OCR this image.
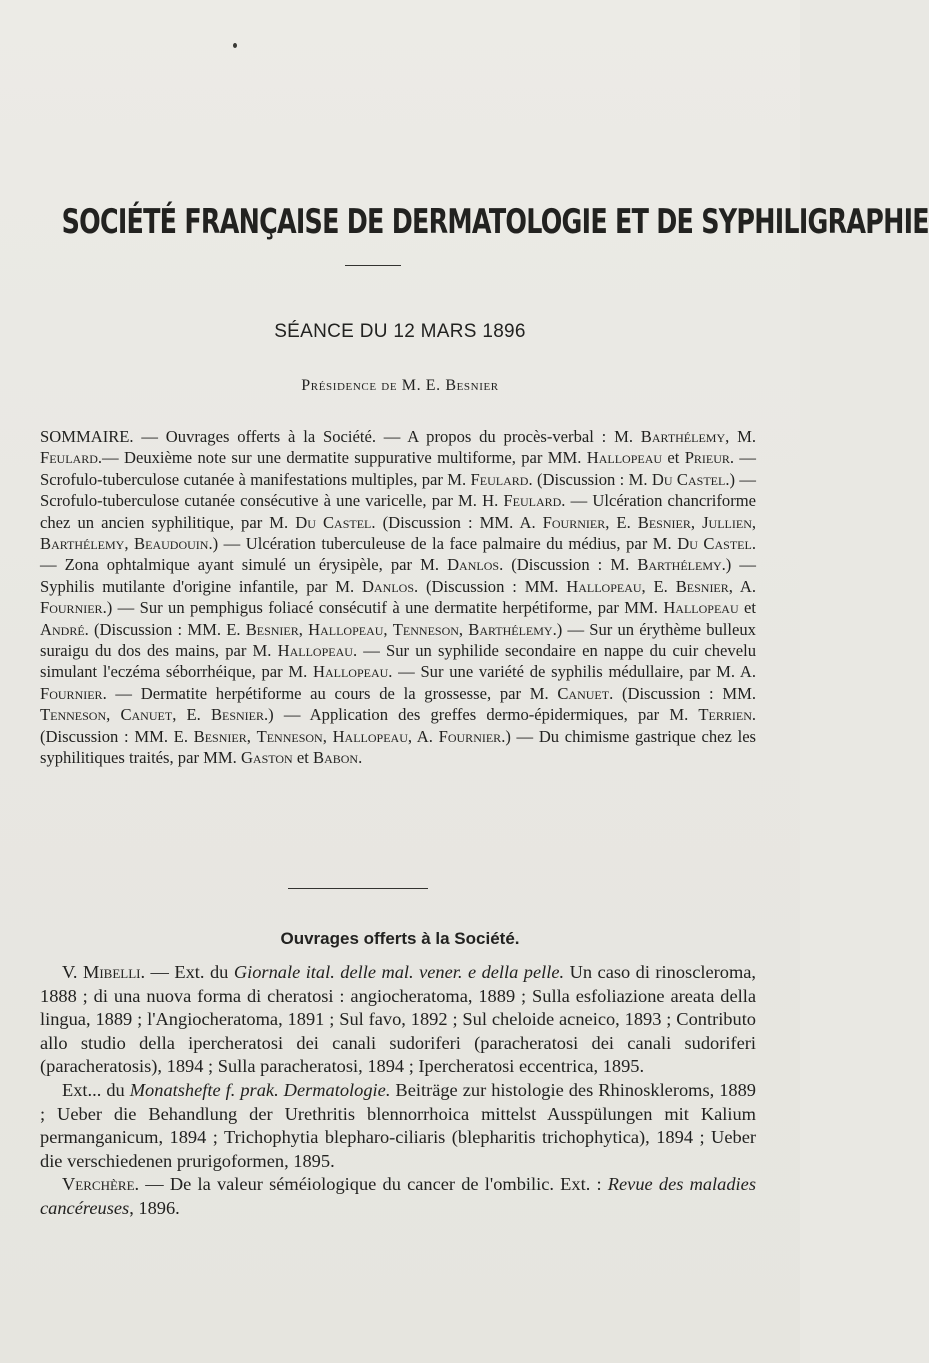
SOCIÉTÉ FRANÇAISE DE DERMATOLOGIE ET DE SYPHILIGRAPHIE
SÉANCE DU 12 MARS 1896
Présidence de M. E. Besnier
SOMMAIRE. — Ouvrages offerts à la Société. — A propos du procès-verbal : M. Barthélemy, M. Feulard.— Deuxième note sur une dermatite suppurative multiforme, par MM. Hallopeau et Prieur. — Scrofulo-tuberculose cutanée à manifestations multiples, par M. Feulard. (Discussion : M. Du Castel.) — Scrofulo-tuberculose cutanée consécutive à une varicelle, par M. H. Feulard. — Ulcération chancriforme chez un ancien syphilitique, par M. Du Castel. (Discussion : MM. A. Fournier, E. Besnier, Jullien, Barthélemy, Beaudouin.) — Ulcération tuberculeuse de la face palmaire du médius, par M. Du Castel. — Zona ophtalmique ayant simulé un érysipèle, par M. Danlos. (Discussion : M. Barthélemy.) — Syphilis mutilante d'origine infantile, par M. Danlos. (Discussion : MM. Hallopeau, E. Besnier, A. Fournier.) — Sur un pemphigus foliacé consécutif à une dermatite herpétiforme, par MM. Hallopeau et André. (Discussion : MM. E. Besnier, Hallopeau, Tenneson, Barthélemy.) — Sur un érythème bulleux suraigu du dos des mains, par M. Hallopeau. — Sur un syphilide secondaire en nappe du cuir chevelu simulant l'eczéma séborrhéique, par M. Hallopeau. — Sur une variété de syphilis médullaire, par M. A. Fournier. — Dermatite herpétiforme au cours de la grossesse, par M. Canuet. (Discussion : MM. Tenneson, Canuet, E. Besnier.) — Application des greffes dermo-épidermiques, par M. Terrien. (Discussion : MM. E. Besnier, Tenneson, Hallopeau, A. Fournier.) — Du chimisme gastrique chez les syphilitiques traités, par MM. Gaston et Babon.
Ouvrages offerts à la Société.

V. Mibelli. — Ext. du Giornale ital. delle mal. vener. e della pelle. Un caso di rinoscleroma, 1888 ; di una nuova forma di cheratosi : angiocheratoma, 1889 ; Sulla esfoliazione areata della lingua, 1889 ; l'Angiocheratoma, 1891 ; Sul favo, 1892 ; Sul cheloide acneico, 1893 ; Contributo allo studio della ipercheratosi dei canali sudoriferi (paracheratosi dei canali sudoriferi (paracheratosis), 1894 ; Sulla paracheratosi, 1894 ; Ipercheratosi eccentrica, 1895.

Ext... du Monatshefte f. prak. Dermatologie. Beiträge zur histologie des Rhinoskleroms, 1889 ; Ueber die Behandlung der Urethritis blennorrhoica mittelst Ausspülungen mit Kalium permanganicum, 1894 ; Trichophytia blepharo-ciliaris (blepharitis trichophytica), 1894 ; Ueber die verschiedenen prurigoformen, 1895.

Verchère. — De la valeur séméiologique du cancer de l'ombilic. Ext. : Revue des maladies cancéreuses, 1896.
